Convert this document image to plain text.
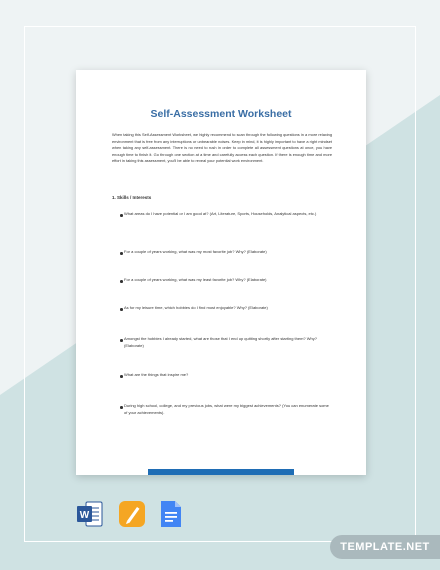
Self-Assessment Worksheet
When taking this Self-Assessment Worksheet, we highly recommend to scan through the following questions in a more relaxing environment that is free from any interruptions or unbearable noises. Keep in mind, it is highly important to have a right mindset when taking any self-assessment. There is no need to rush in order to complete all assessment questions at once, you have enough time to finish it. Go through one section at a time and carefully access each question. If there is enough time and more effort in taking this assessment, you'll be able to reveal your potential work environment.
1. Skills / Interests
What areas do I have potential or I am good at? (Art, Literature, Sports, Households, Analytical aspects, etc.)
For a couple of years working, what was my most favorite job? Why? (Elaborate)
For a couple of years working, what was my least favorite job? Why? (Elaborate)
As for my leisure time, which hobbies do I find most enjoyable? Why? (Elaborate)
Amongst the hobbies I already started, what are those that I end up quitting shortly after starting them? Why? (Elaborate)
What are the things that inspire me?
During high school, college, and my previous jobs, what were my biggest achievements? (You can enumerate some of your achievements).
W
TEMPLATE.NET
